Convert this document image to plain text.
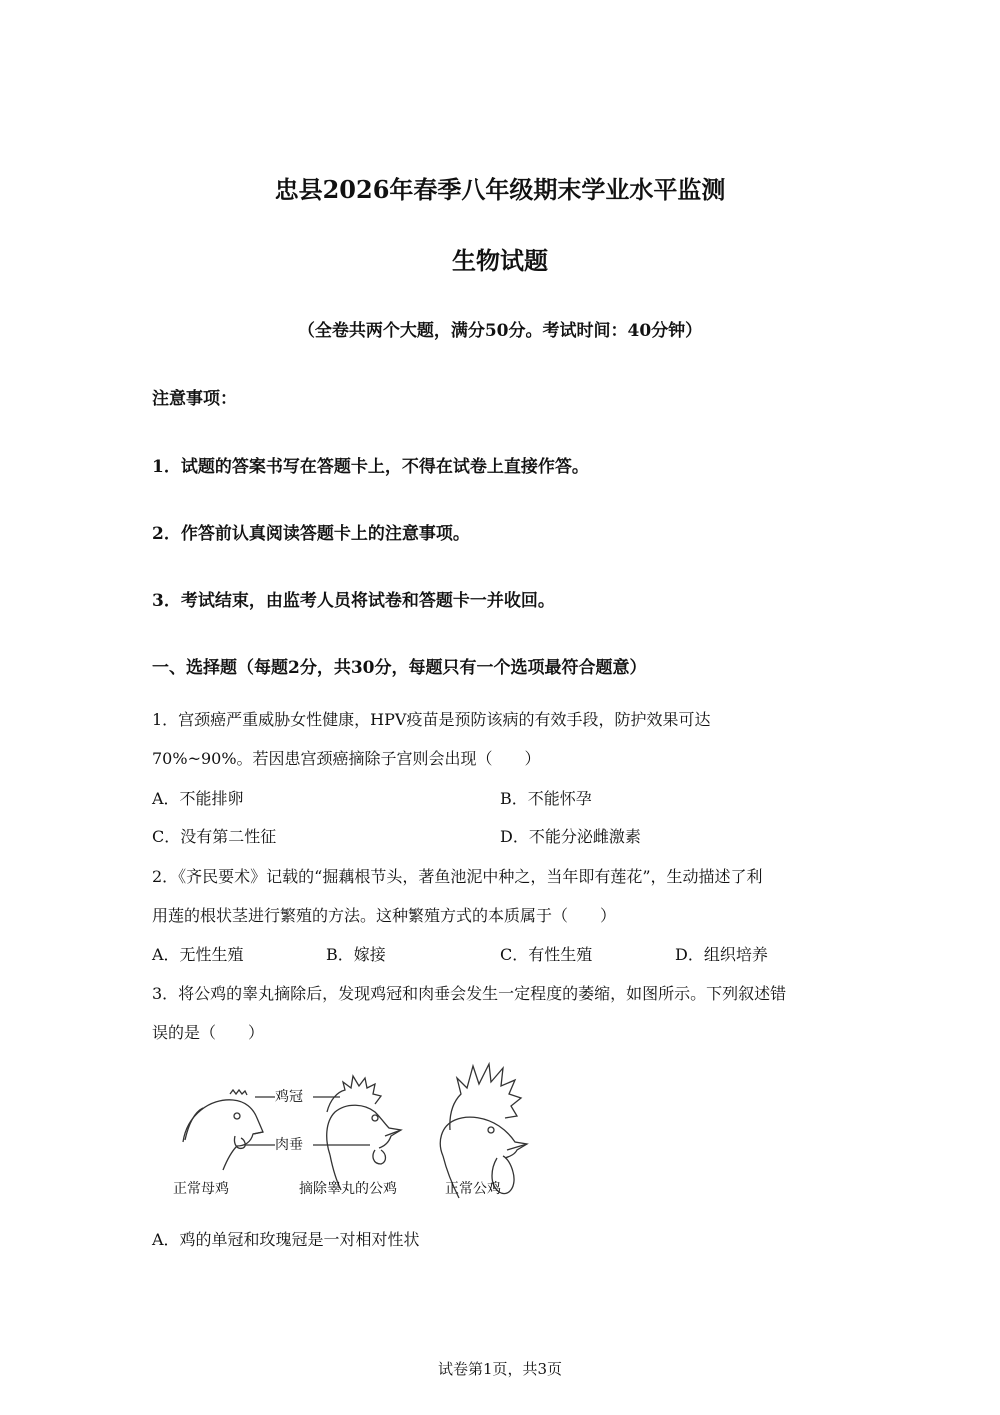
忠县2026年春季八年级期末学业水平监测
生物试题
（全卷共两个大题，满分50分。考试时间：40分钟）
注意事项：
1．试题的答案书写在答题卡上，不得在试卷上直接作答。
2．作答前认真阅读答题卡上的注意事项。
3．考试结束，由监考人员将试卷和答题卡一并收回。
一、选择题（每题2分，共30分，每题只有一个选项最符合题意）
1．宫颈癌严重威胁女性健康，HPV疫苗是预防该病的有效手段，防护效果可达
70%~90%。若因患宫颈癌摘除子宫则会出现（　　）
A．不能排卵	B．不能怀孕
C．没有第二性征	D．不能分泌雌激素
2．《齐民要术》记载的“掘藕根节头，著鱼池泥中种之，当年即有莲花”，生动描述了利
用莲的根状茎进行繁殖的方法。这种繁殖方式的本质属于（　　）
A．无性生殖	B．嫁接	C．有性生殖	D．组织培养
3．将公鸡的睾丸摘除后，发现鸡冠和肉垂会发生一定程度的萎缩，如图所示。下列叙述错
误的是（　　）
鸡冠
肉垂
正常母鸡	摘除睾丸的公鸡	正常公鸡
A．鸡的单冠和玫瑰冠是一对相对性状
试卷第1页，共3页
